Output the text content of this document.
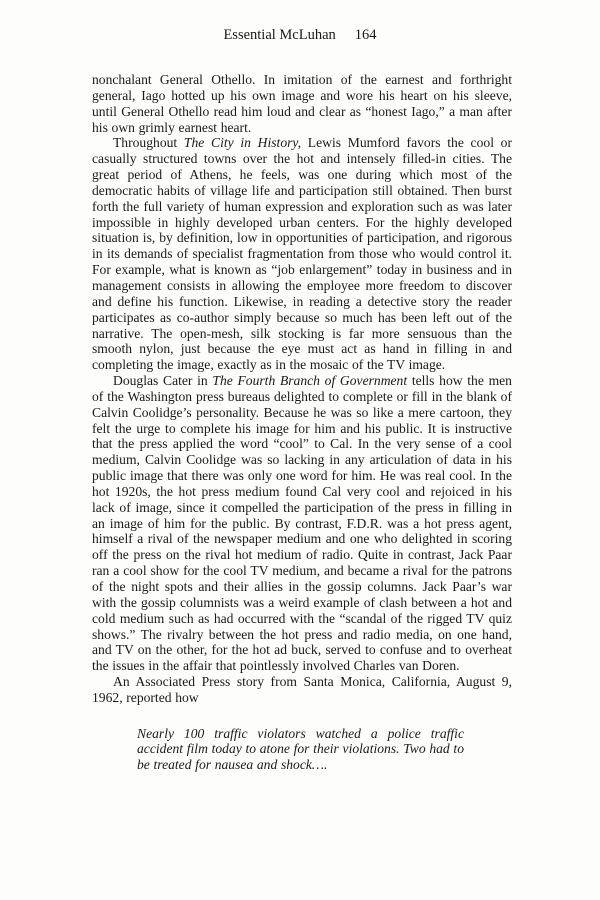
Essential McLuhan 164

nonchalant General Othello. In imitation of the earnest and forthright general, Iago hotted up his own image and wore his heart on his sleeve, until General Othello read him loud and clear as “honest Iago,” a man after his own grimly earnest heart.

Throughout The City in History, Lewis Mumford favors the cool or casually structured towns over the hot and intensely filled-in cities. The great period of Athens, he feels, was one during which most of the democratic habits of village life and participation still obtained. Then burst forth the full variety of human expression and exploration such as was later impossible in highly developed urban centers. For the highly developed situation is, by definition, low in opportunities of participation, and rigorous in its demands of specialist fragmentation from those who would control it. For example, what is known as “job enlargement” today in business and in management consists in allowing the employee more freedom to discover and define his function. Likewise, in reading a detective story the reader participates as co-author simply because so much has been left out of the narrative. The open-mesh, silk stocking is far more sensuous than the smooth nylon, just because the eye must act as hand in filling in and completing the image, exactly as in the mosaic of the TV image.

Douglas Cater in The Fourth Branch of Government tells how the men of the Washington press bureaus delighted to complete or fill in the blank of Calvin Coolidge’s personality. Because he was so like a mere cartoon, they felt the urge to complete his image for him and his public. It is instructive that the press applied the word “cool” to Cal. In the very sense of a cool medium, Calvin Coolidge was so lacking in any articulation of data in his public image that there was only one word for him. He was real cool. In the hot 1920s, the hot press medium found Cal very cool and rejoiced in his lack of image, since it compelled the participation of the press in filling in an image of him for the public. By contrast, F.D.R. was a hot press agent, himself a rival of the newspaper medium and one who delighted in scoring off the press on the rival hot medium of radio. Quite in contrast, Jack Paar ran a cool show for the cool TV medium, and became a rival for the patrons of the night spots and their allies in the gossip columns. Jack Paar’s war with the gossip columnists was a weird example of clash between a hot and cold medium such as had occurred with the “scandal of the rigged TV quiz shows.” The rivalry between the hot press and radio media, on one hand, and TV on the other, for the hot ad buck, served to confuse and to overheat the issues in the affair that pointlessly involved Charles van Doren.

An Associated Press story from Santa Monica, California, August 9, 1962, reported how

Nearly 100 traffic violators watched a police traffic accident film today to atone for their violations. Two had to be treated for nausea and shock….
